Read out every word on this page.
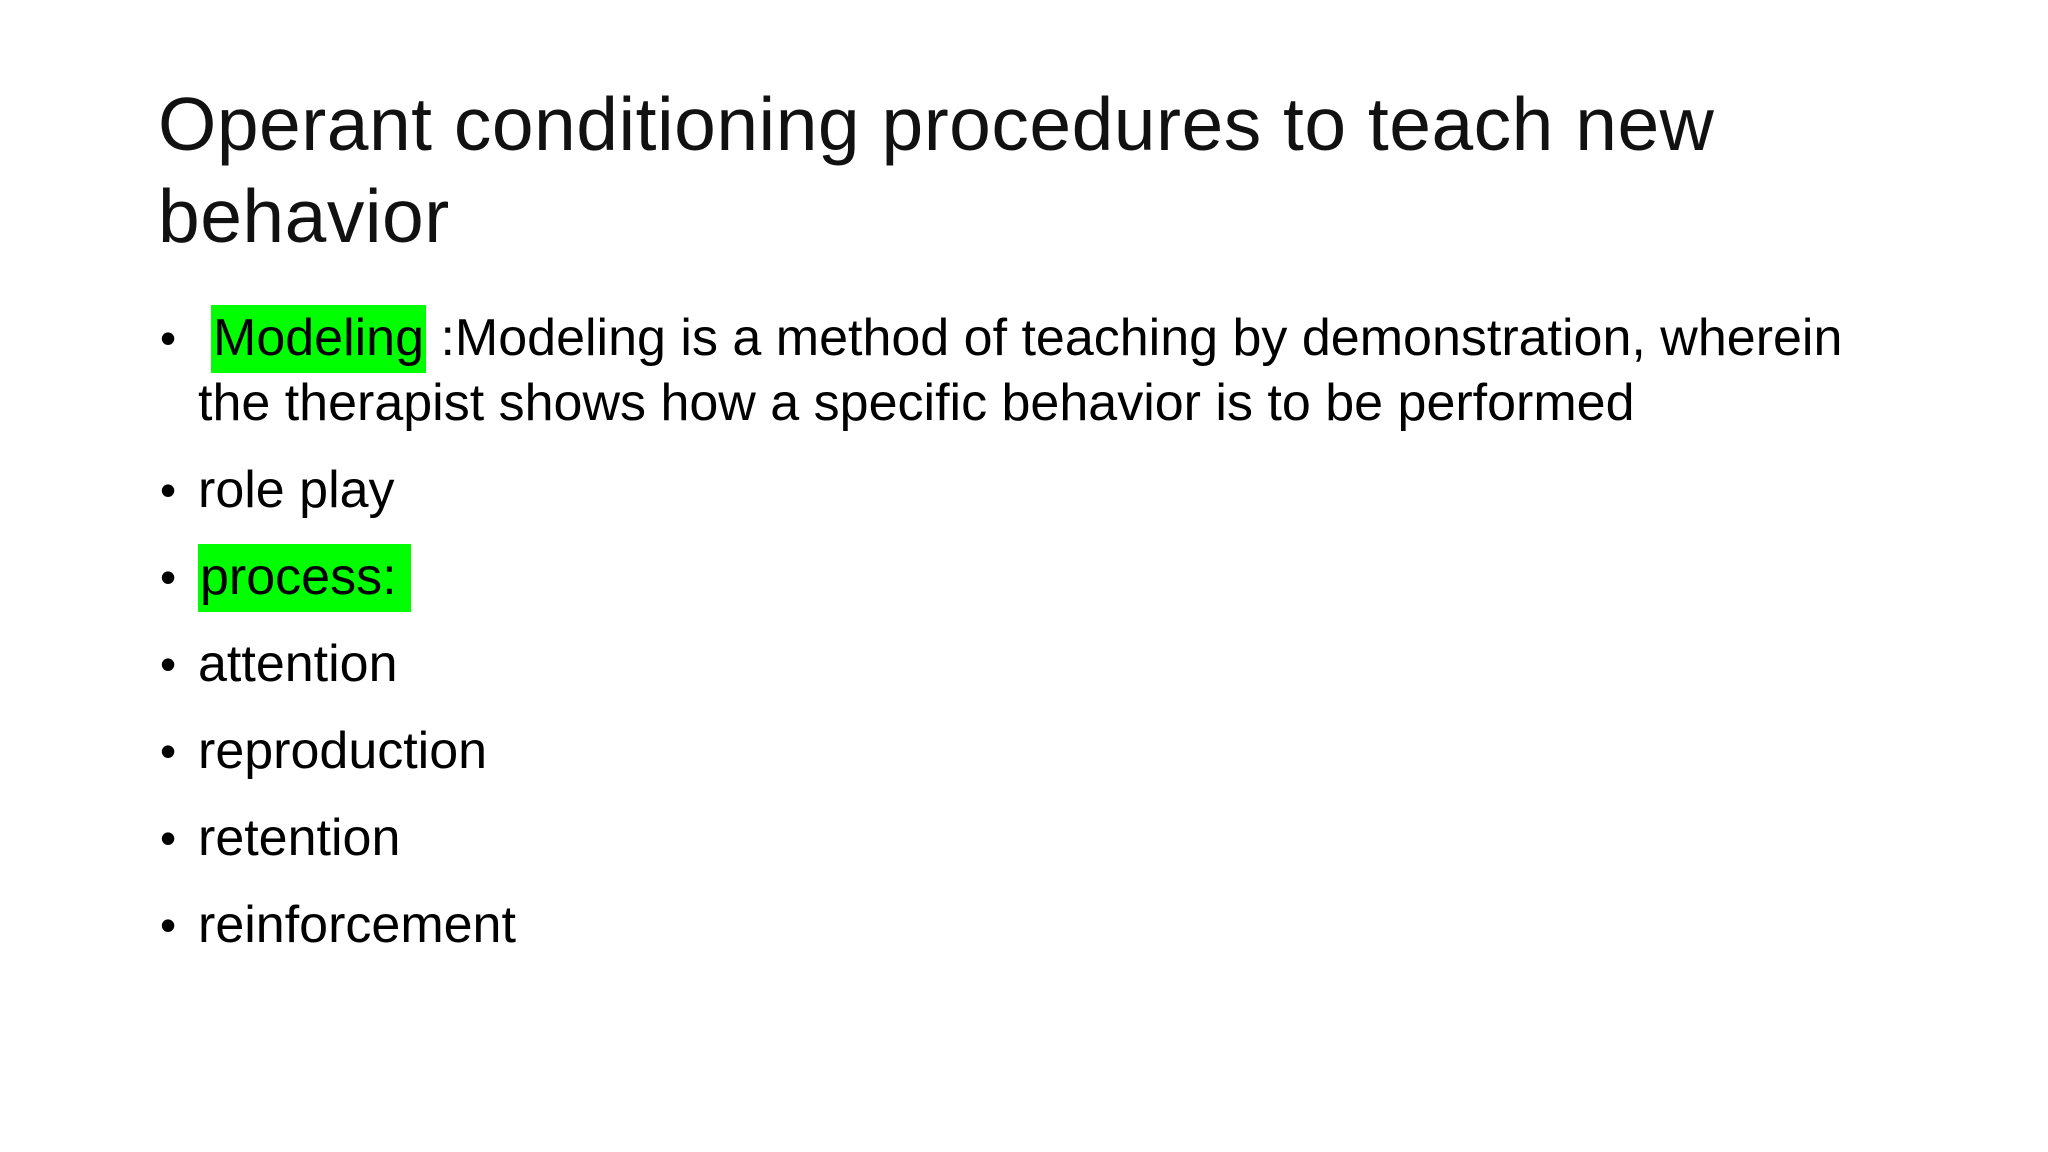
Operant conditioning procedures to teach new behavior
• Modeling :Modeling is a method of teaching by demonstration, wherein the therapist shows how a specific behavior is to be performed
• role play
• process:
• attention
• reproduction
• retention
• reinforcement
